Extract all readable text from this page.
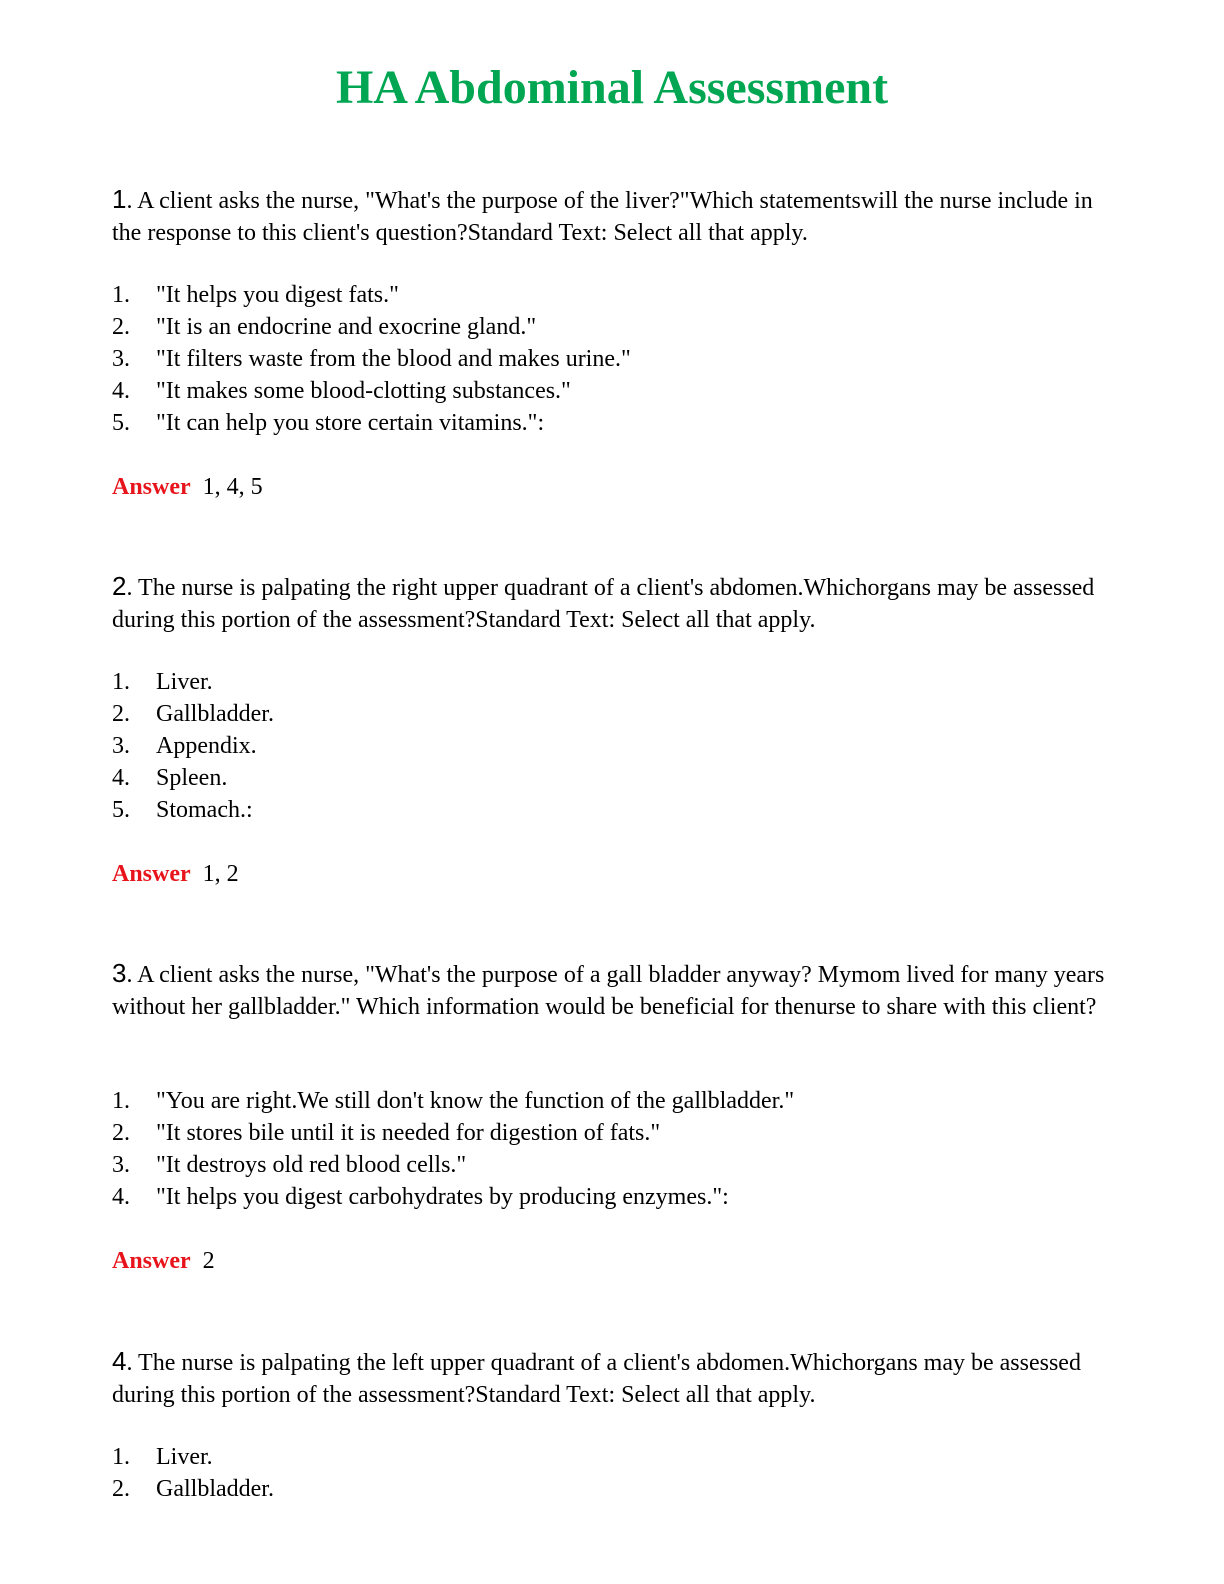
HA Abdominal Assessment

1. A client asks the nurse, "What's the purpose of the liver?"Which statementswill the nurse include in the response to this client's question?Standard Text: Select all that apply.

1. "It helps you digest fats."
2. "It is an endocrine and exocrine gland."
3. "It filters waste from the blood and makes urine."
4. "It makes some blood-clotting substances."
5. "It can help you store certain vitamins.":

Answer 1, 4, 5

2. The nurse is palpating the right upper quadrant of a client's abdomen.Whichorgans may be assessed during this portion of the assessment?Standard Text: Select all that apply.

1. Liver.
2. Gallbladder.
3. Appendix.
4. Spleen.
5. Stomach.:

Answer 1, 2

3. A client asks the nurse, "What's the purpose of a gall bladder anyway? Mymom lived for many years without her gallbladder." Which information would be beneficial for thenurse to share with this client?

1. "You are right.We still don't know the function of the gallbladder."
2. "It stores bile until it is needed for digestion of fats."
3. "It destroys old red blood cells."
4. "It helps you digest carbohydrates by producing enzymes.":

Answer 2

4. The nurse is palpating the left upper quadrant of a client's abdomen.Whichorgans may be assessed during this portion of the assessment?Standard Text: Select all that apply.

1. Liver.
2. Gallbladder.
